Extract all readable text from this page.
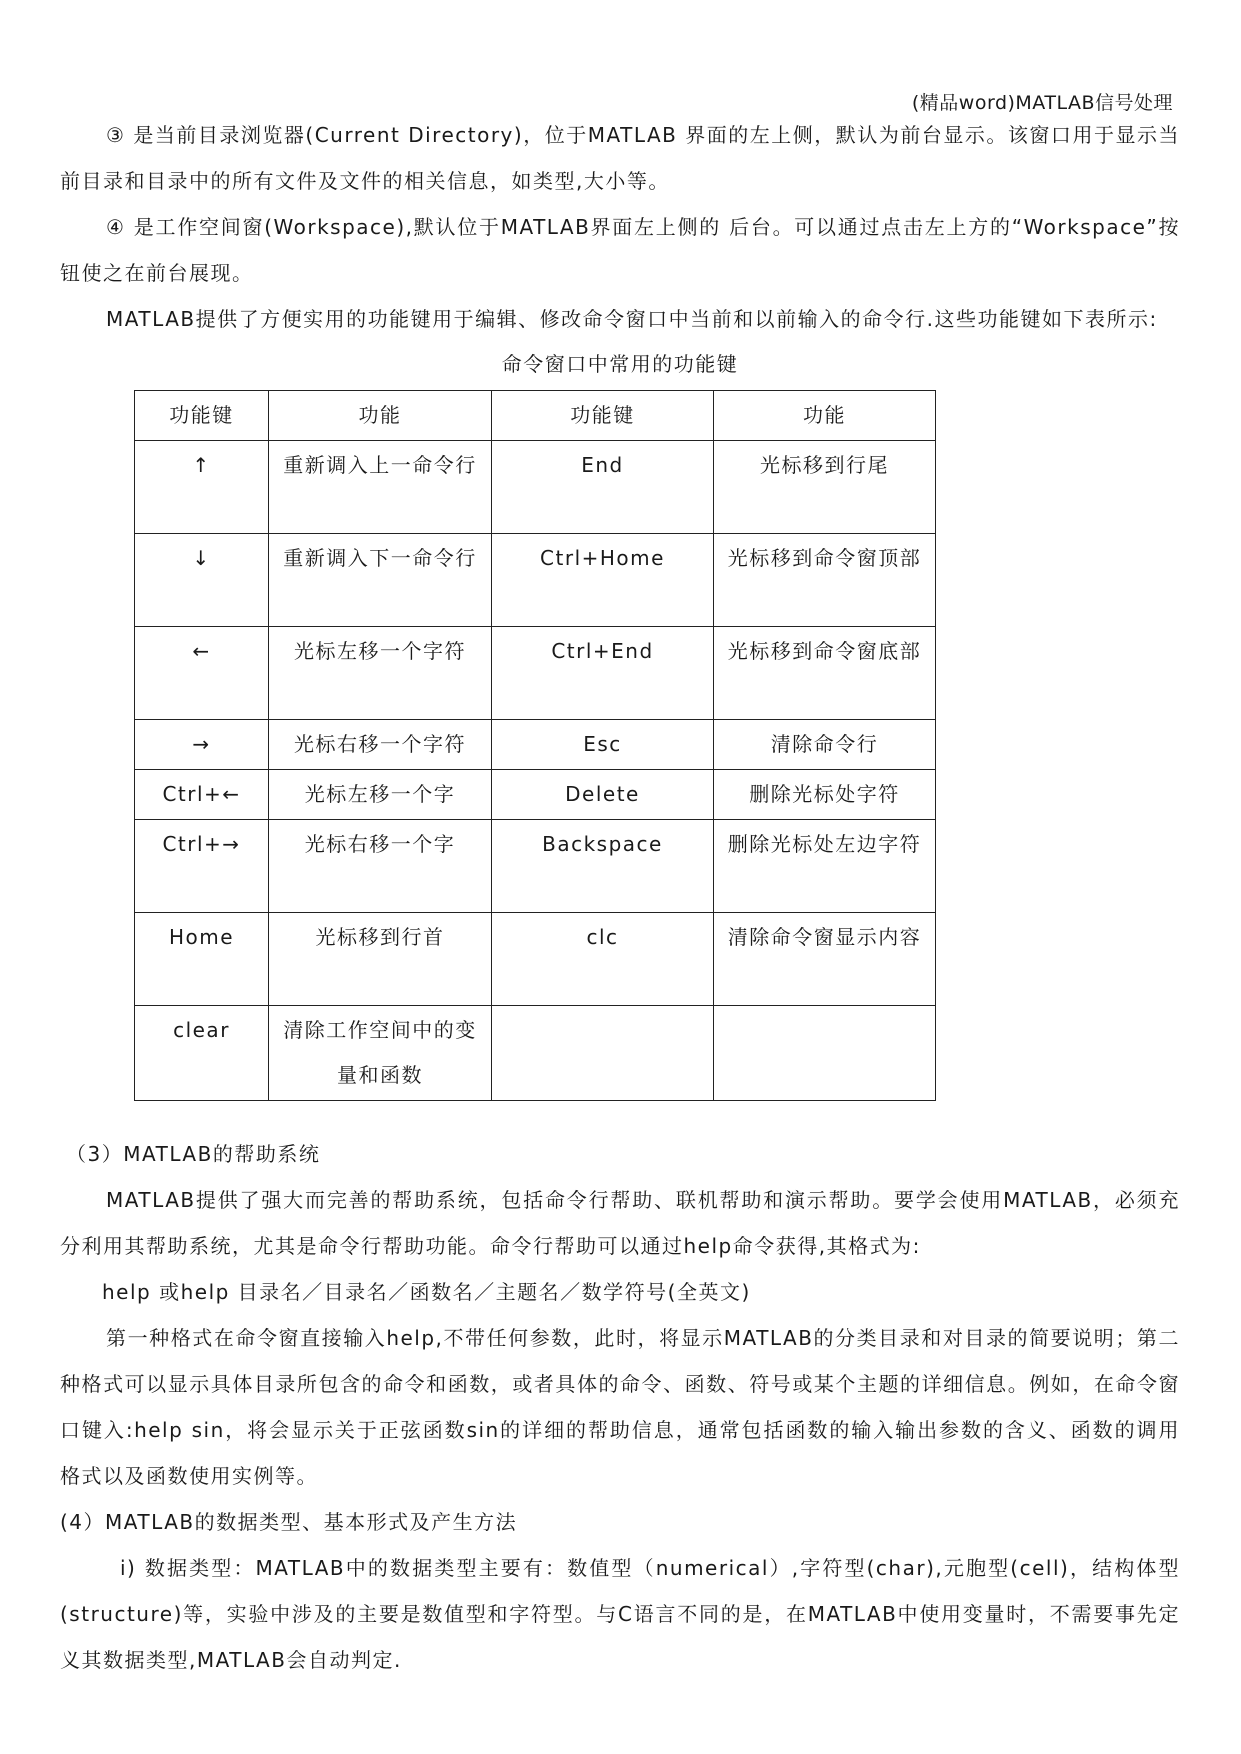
(精品word)MATLAB信号处理

③ 是当前目录浏览器(Current Directory)，位于MATLAB 界面的左上侧，默认为前台显示。该窗口用于显示当前目录和目录中的所有文件及文件的相关信息，如类型,大小等。

④ 是工作空间窗(Workspace),默认位于MATLAB界面左上侧的 后台。可以通过点击左上方的“Workspace”按钮使之在前台展现。

MATLAB提供了方便实用的功能键用于编辑、修改命令窗口中当前和以前输入的命令行.这些功能键如下表所示:

命令窗口中常用的功能键
功能键	功能	功能键	功能
↑	重新调入上一命令行	End	光标移到行尾
↓	重新调入下一命令行	Ctrl+Home	光标移到命令窗顶部
←	光标左移一个字符	Ctrl+End	光标移到命令窗底部
→	光标右移一个字符	Esc	清除命令行
Ctrl+←	光标左移一个字	Delete	删除光标处字符
Ctrl+→	光标右移一个字	Backspace	删除光标处左边字符
Home	光标移到行首	clc	清除命令窗显示内容
clear	清除工作空间中的变量和函数		

（3）MATLAB的帮助系统

MATLAB提供了强大而完善的帮助系统，包括命令行帮助、联机帮助和演示帮助。要学会使用MATLAB，必须充分利用其帮助系统，尤其是命令行帮助功能。命令行帮助可以通过help命令获得,其格式为:

help 或help 目录名／目录名／函数名／主题名／数学符号(全英文)

第一种格式在命令窗直接输入help,不带任何参数，此时，将显示MATLAB的分类目录和对目录的简要说明；第二种格式可以显示具体目录所包含的命令和函数，或者具体的命令、函数、符号或某个主题的详细信息。例如，在命令窗口键入:help sin，将会显示关于正弦函数sin的详细的帮助信息，通常包括函数的输入输出参数的含义、函数的调用格式以及函数使用实例等。

(4）MATLAB的数据类型、基本形式及产生方法

i) 数据类型：MATLAB中的数据类型主要有：数值型（numerical）,字符型(char),元胞型(cell)，结构体型(structure)等，实验中涉及的主要是数值型和字符型。与C语言不同的是，在MATLAB中使用变量时，不需要事先定义其数据类型,MATLAB会自动判定.
